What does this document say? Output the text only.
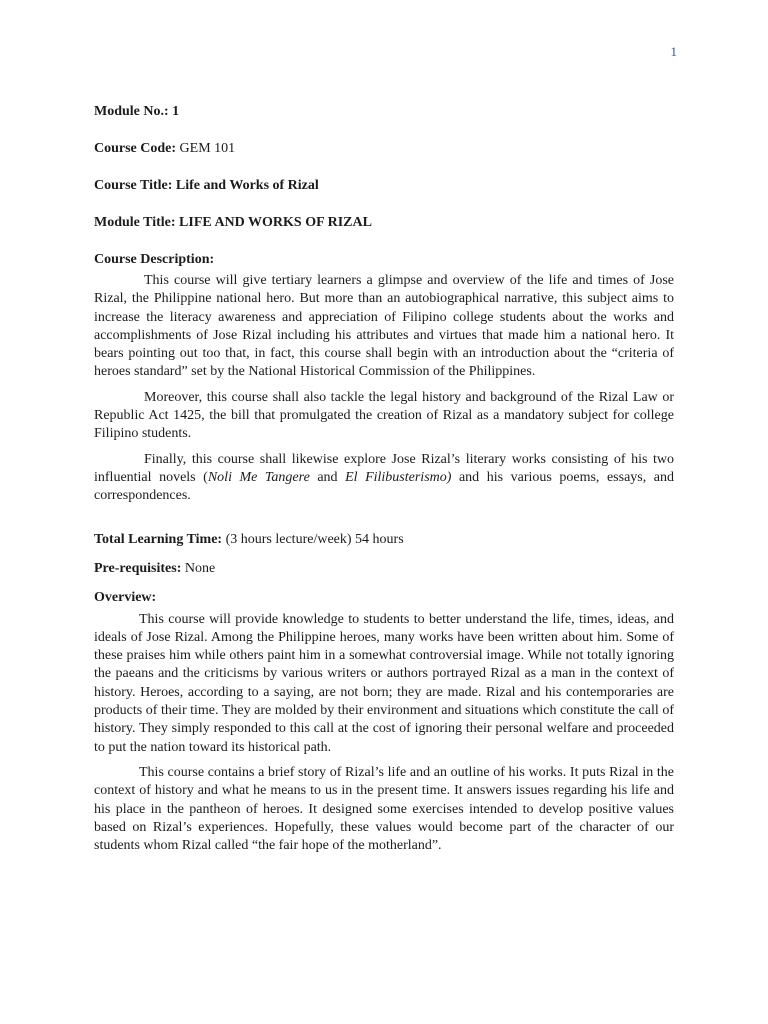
1

Module No.: 1

Course Code: GEM 101

Course Title: Life and Works of Rizal

Module Title: LIFE AND WORKS OF RIZAL

Course Description:

This course will give tertiary learners a glimpse and overview of the life and times of Jose Rizal, the Philippine national hero. But more than an autobiographical narrative, this subject aims to increase the literacy awareness and appreciation of Filipino college students about the works and accomplishments of Jose Rizal including his attributes and virtues that made him a national hero. It bears pointing out too that, in fact, this course shall begin with an introduction about the “criteria of heroes standard” set by the National Historical Commission of the Philippines.

Moreover, this course shall also tackle the legal history and background of the Rizal Law or Republic Act 1425, the bill that promulgated the creation of Rizal as a mandatory subject for college Filipino students.

Finally, this course shall likewise explore Jose Rizal’s literary works consisting of his two influential novels (Noli Me Tangere and El Filibusterismo) and his various poems, essays, and correspondences.

Total Learning Time: (3 hours lecture/week) 54 hours

Pre-requisites: None

Overview:

This course will provide knowledge to students to better understand the life, times, ideas, and ideals of Jose Rizal. Among the Philippine heroes, many works have been written about him. Some of these praises him while others paint him in a somewhat controversial image. While not totally ignoring the paeans and the criticisms by various writers or authors portrayed Rizal as a man in the context of history. Heroes, according to a saying, are not born; they are made. Rizal and his contemporaries are products of their time. They are molded by their environment and situations which constitute the call of history. They simply responded to this call at the cost of ignoring their personal welfare and proceeded to put the nation toward its historical path.

This course contains a brief story of Rizal’s life and an outline of his works. It puts Rizal in the context of history and what he means to us in the present time. It answers issues regarding his life and his place in the pantheon of heroes. It designed some exercises intended to develop positive values based on Rizal’s experiences. Hopefully, these values would become part of the character of our students whom Rizal called “the fair hope of the motherland”.
